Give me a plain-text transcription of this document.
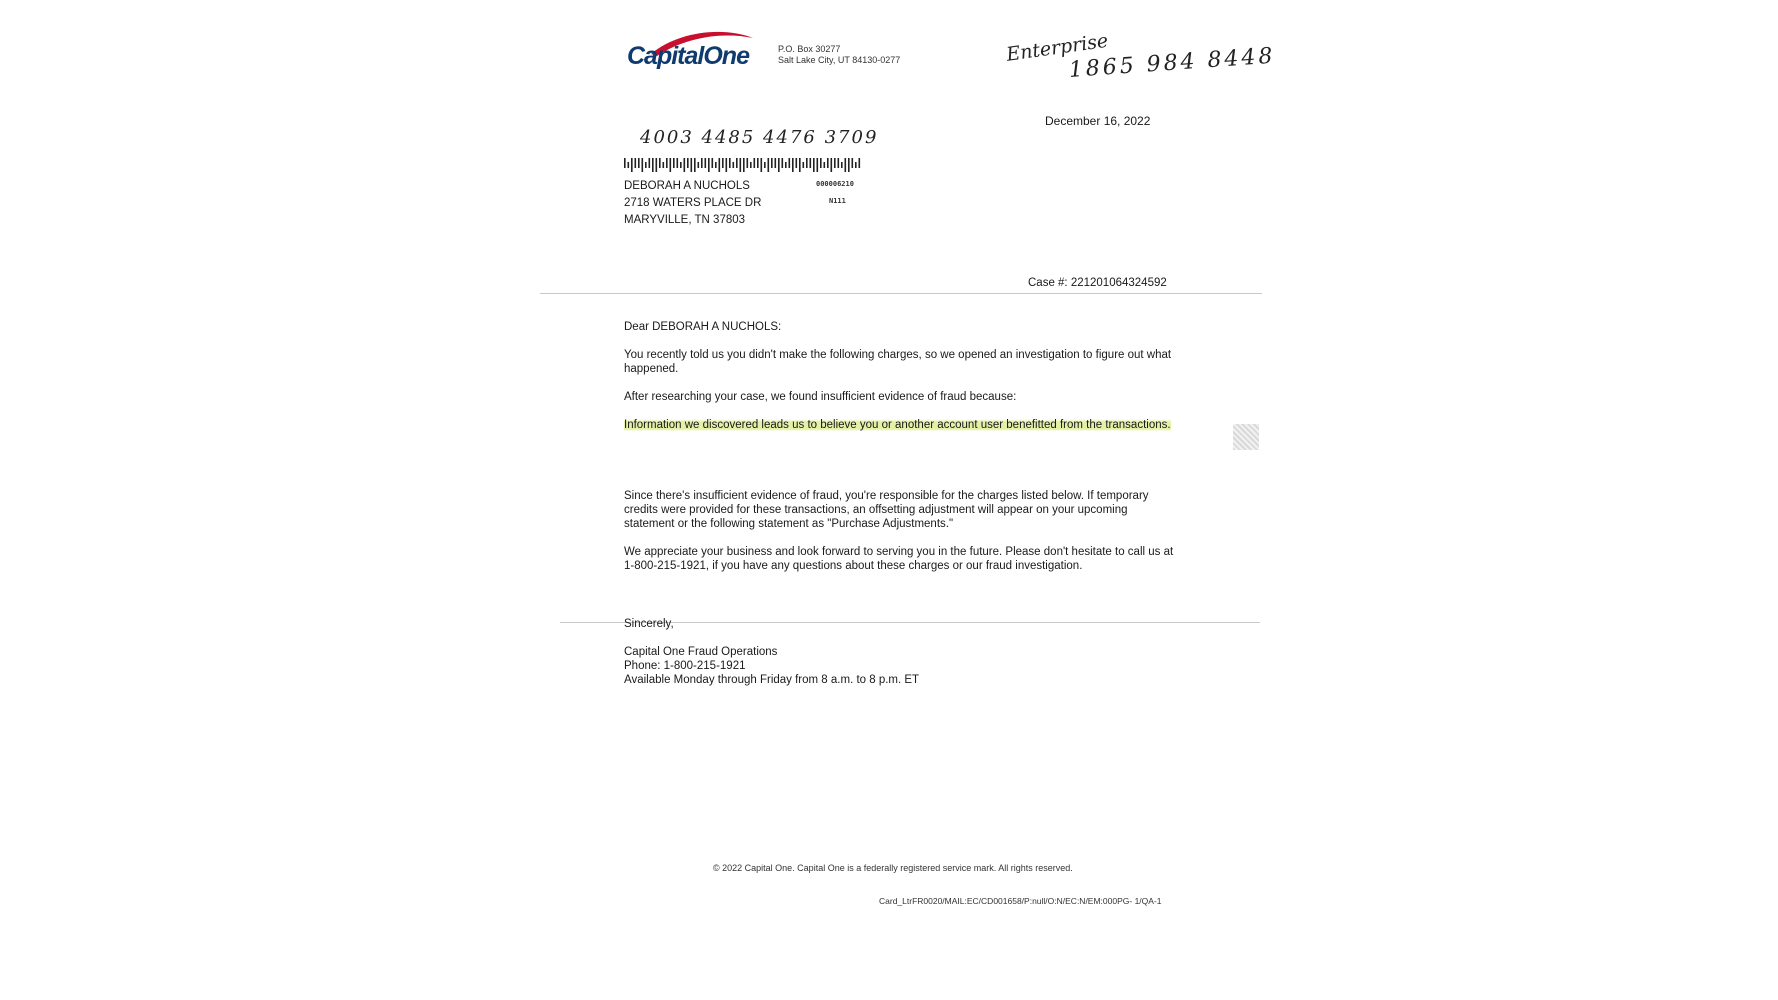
CapitalOne	P.O. Box 30277
Salt Lake City, UT 84130-0277	Enterprise
1865 984 8448
4003 4485 4476 3709
December 16, 2022
DEBORAH A NUCHOLS
2718 WATERS PLACE DR
MARYVILLE, TN 37803
000006210
N111
Case #: 221201064324592
Dear DEBORAH A NUCHOLS:
You recently told us you didn't make the following charges, so we opened an investigation to figure out what happened.
After researching your case, we found insufficient evidence of fraud because:
Information we discovered leads us to believe you or another account user benefitted from the transactions.
Since there's insufficient evidence of fraud, you're responsible for the charges listed below. If temporary credits were provided for these transactions, an offsetting adjustment will appear on your upcoming statement or the following statement as "Purchase Adjustments."
We appreciate your business and look forward to serving you in the future. Please don't hesitate to call us at 1-800-215-1921, if you have any questions about these charges or our fraud investigation.
Sincerely,
Capital One Fraud Operations
Phone: 1-800-215-1921
Available Monday through Friday from 8 a.m. to 8 p.m. ET
© 2022 Capital One. Capital One is a federally registered service mark. All rights reserved.
Card_LtrFR0020/MAIL:EC/CD001658/P:null/O:N/EC:N/EM:000PG- 1/QA-1
